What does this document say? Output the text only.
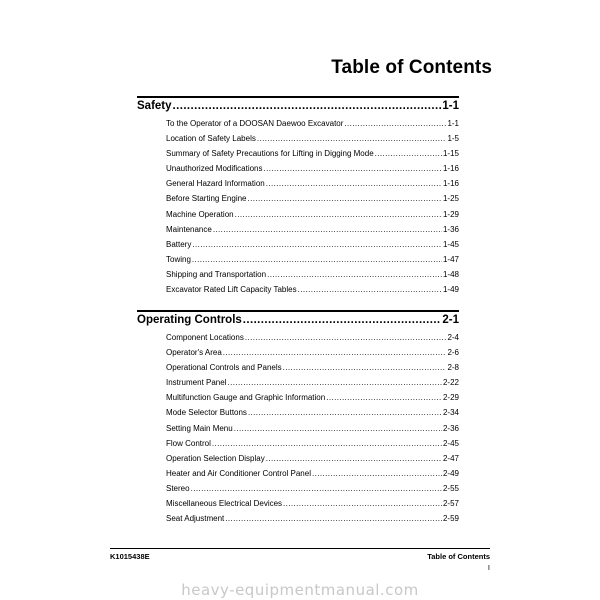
Table of Contents
Safety .....	1-1
To the Operator of a DOOSAN Daewoo Excavator .....	1-1
Location of Safety Labels .....	1-5
Summary of Safety Precautions for Lifting in Digging Mode .....	1-15
Unauthorized Modifications .....	1-16
General Hazard Information .....	1-16
Before Starting Engine .....	1-25
Machine Operation .....	1-29
Maintenance .....	1-36
Battery .....	1-45
Towing .....	1-47
Shipping and Transportation .....	1-48
Excavator Rated Lift Capacity Tables .....	1-49
Operating Controls .....	2-1
Component Locations .....	2-4
Operator's Area .....	2-6
Operational Controls and Panels .....	2-8
Instrument Panel .....	2-22
Multifunction Gauge and Graphic Information .....	2-29
Mode Selector Buttons .....	2-34
Setting Main Menu .....	2-36
Flow Control .....	2-45
Operation Selection Display .....	2-47
Heater and Air Conditioner Control Panel .....	2-49
Stereo .....	2-55
Miscellaneous Electrical Devices .....	2-57
Seat Adjustment .....	2-59
K1015438E	Table of Contents
I
heavy-equipmentmanual.com
